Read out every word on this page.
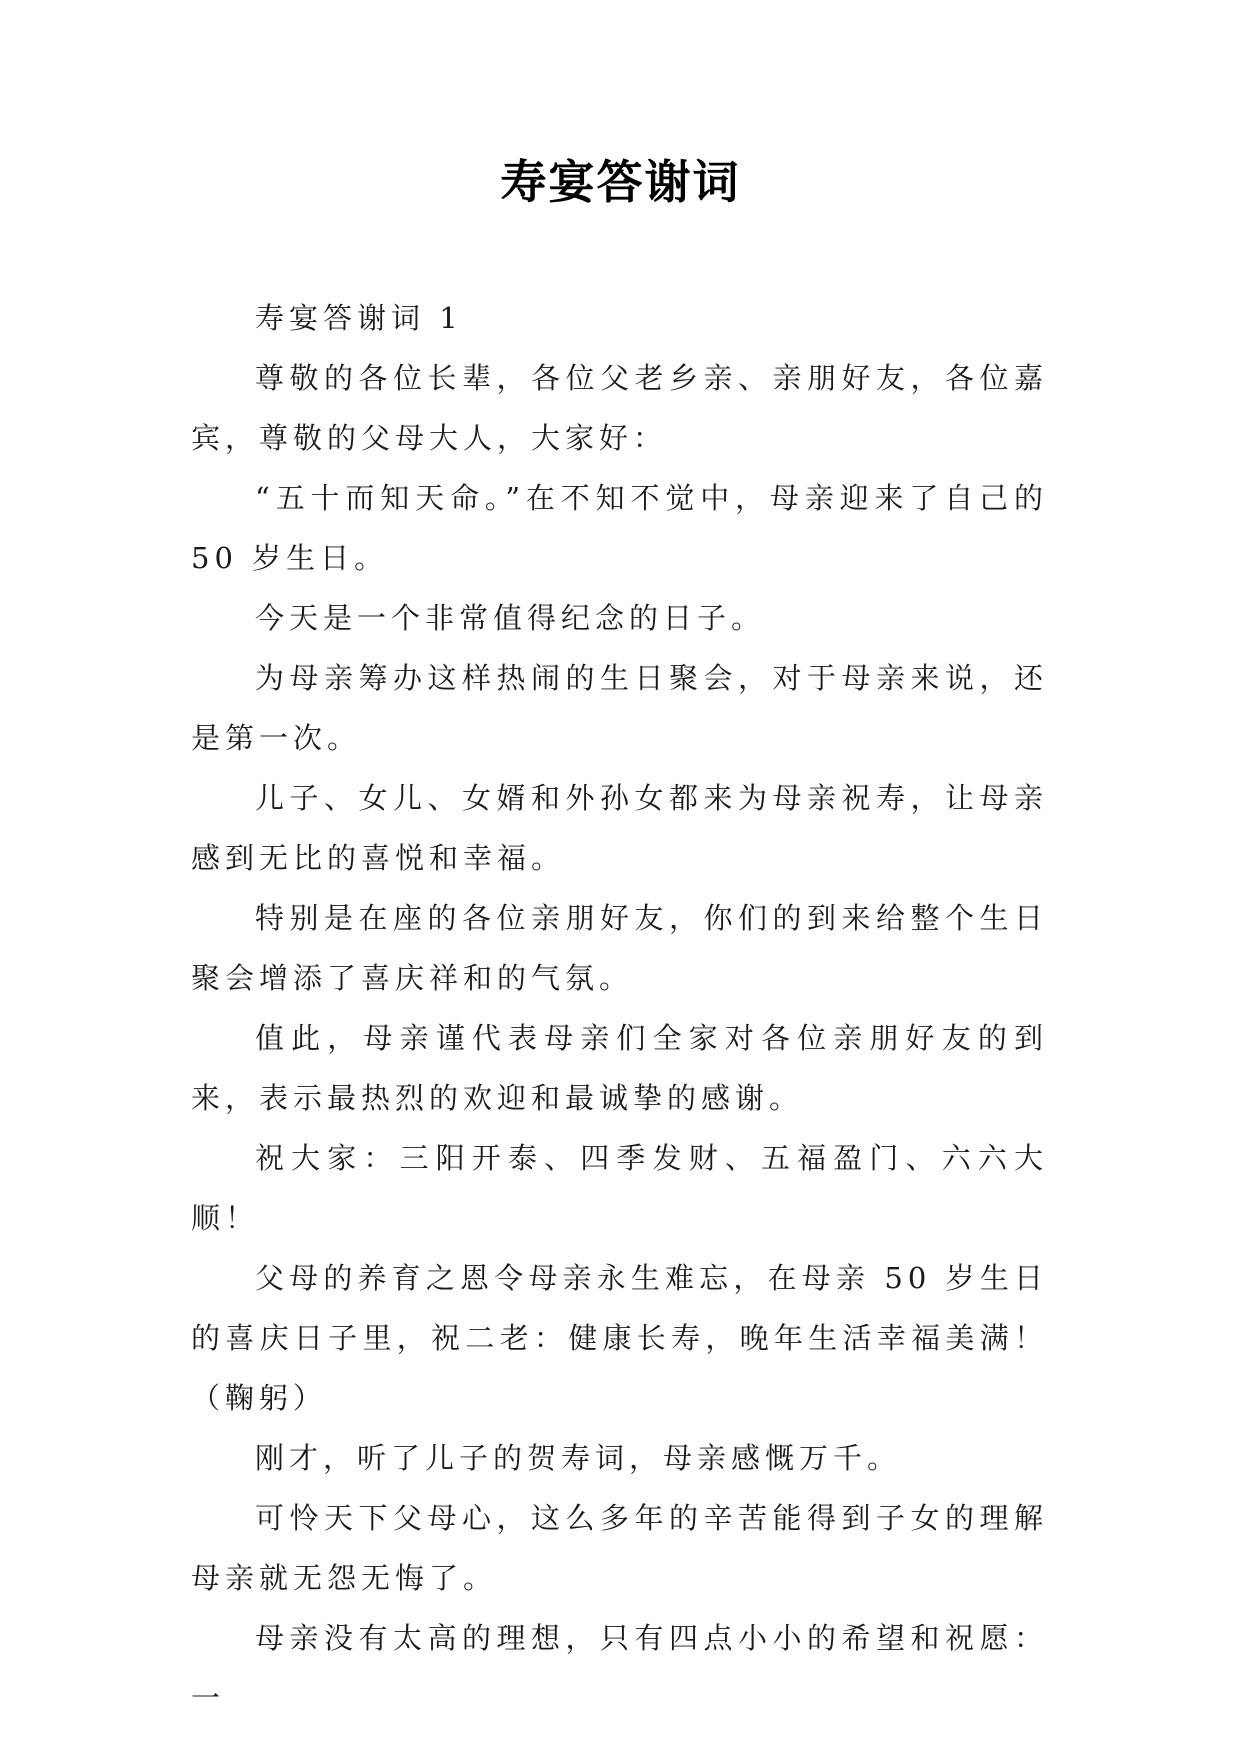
寿宴答谢词

寿宴答谢词 1

尊敬的各位长辈，各位父老乡亲、亲朋好友，各位嘉宾，尊敬的父母大人，大家好：

“五十而知天命。”在不知不觉中，母亲迎来了自己的 50 岁生日。

今天是一个非常值得纪念的日子。

为母亲筹办这样热闹的生日聚会，对于母亲来说，还是第一次。

儿子、女儿、女婿和外孙女都来为母亲祝寿，让母亲感到无比的喜悦和幸福。

特别是在座的各位亲朋好友，你们的到来给整个生日聚会增添了喜庆祥和的气氛。

值此，母亲谨代表母亲们全家对各位亲朋好友的到来，表示最热烈的欢迎和最诚挚的感谢。

祝大家：三阳开泰、四季发财、五福盈门、六六大顺！

父母的养育之恩令母亲永生难忘，在母亲 50 岁生日的喜庆日子里，祝二老：健康长寿，晚年生活幸福美满！（鞠躬）

刚才，听了儿子的贺寿词，母亲感慨万千。

可怜天下父母心，这么多年的辛苦能得到子女的理解母亲就无怨无悔了。

母亲没有太高的理想，只有四点小小的希望和祝愿：一
